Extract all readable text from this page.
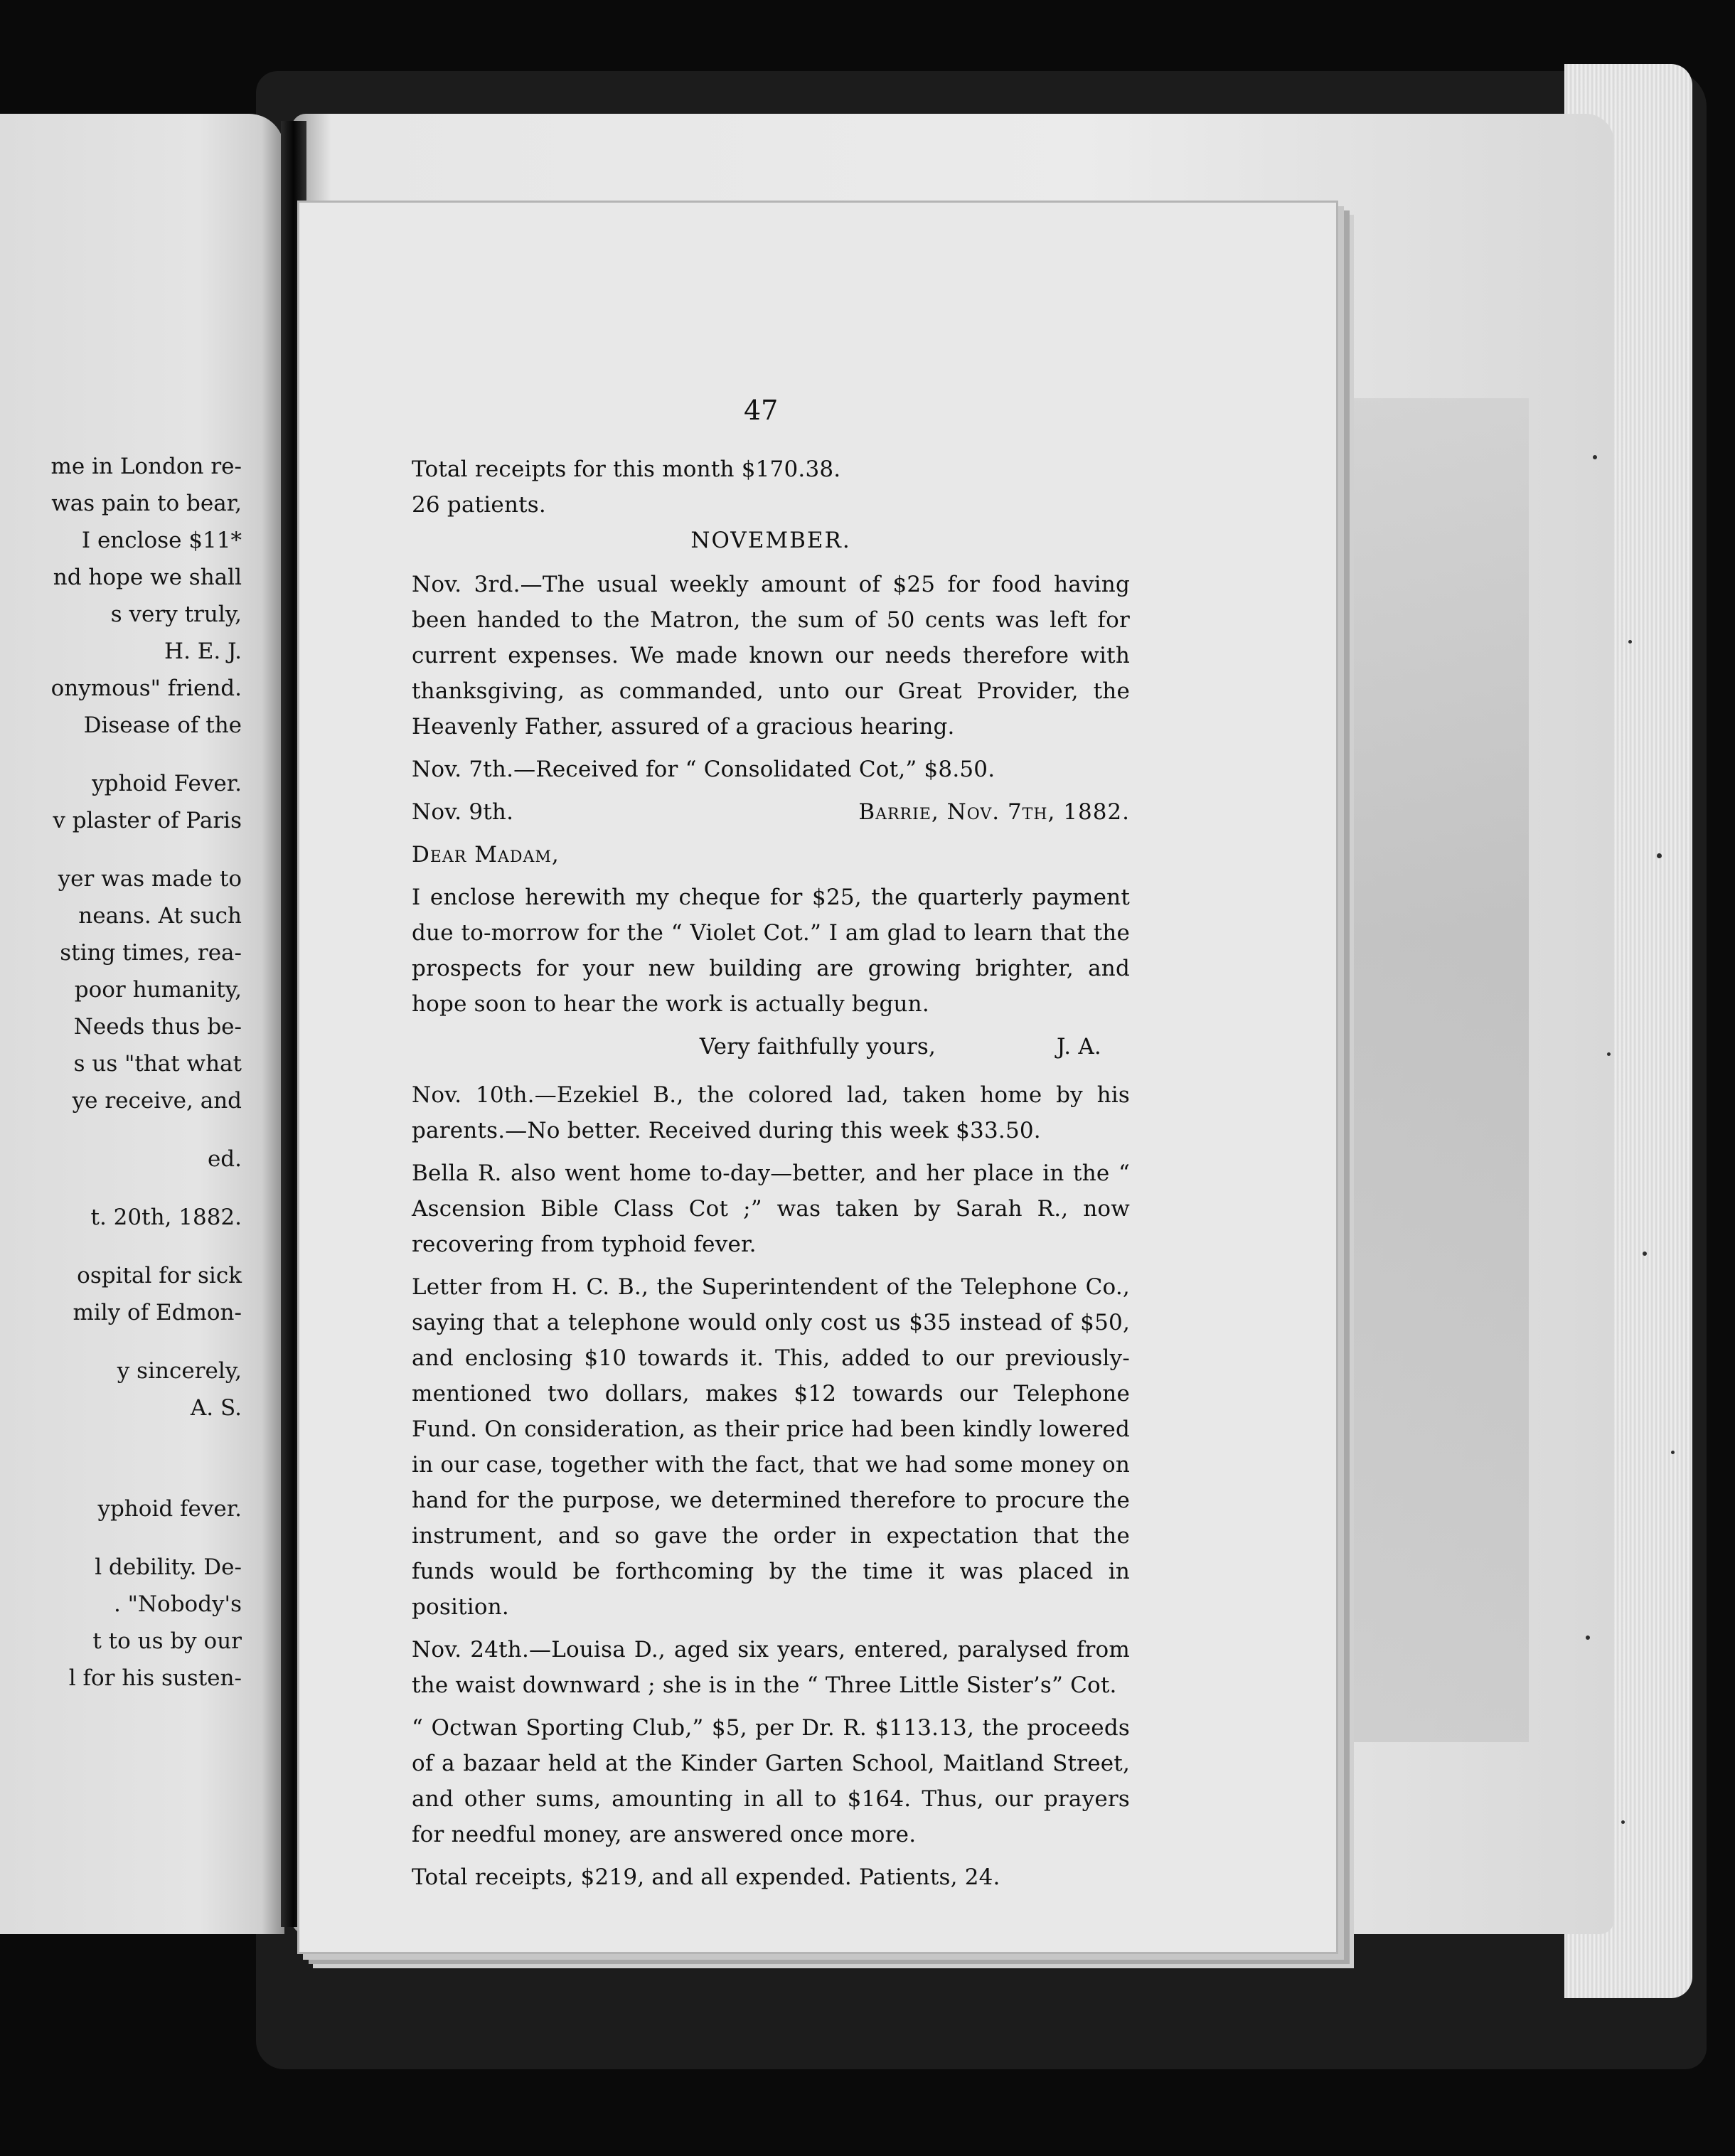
me in London re-
was pain to bear,
I enclose $11*
nd hope we shall
s very truly,
H. E. J.
onymous" friend.
Disease of the
yphoid Fever.
v plaster of Paris
yer was made to
neans. At such
sting times, rea-
poor humanity,
Needs thus be-
s us "that what
ye receive, and
ed.
t. 20th, 1882.
ospital for sick
mily of Edmon-
y sincerely,
A. S.
yphoid fever.
l debility. De-
. "Nobody's
t to us by our
l for his susten-
47

Total receipts for this month $170.38.

26 patients.

NOVEMBER.

Nov. 3rd.—The usual weekly amount of $25 for food having been handed to the Matron, the sum of 50 cents was left for current expenses. We made known our needs therefore with thanksgiving, as commanded, unto our Great Provider, the Heavenly Father, assured of a gracious hearing.

Nov. 7th.—Received for “ Consolidated Cot,” $8.50.

Nov. 9th.	Barrie, Nov. 7th, 1882.

Dear Madam,

I enclose herewith my cheque for $25, the quarterly payment due to-morrow for the “ Violet Cot.” I am glad to learn that the prospects for your new building are growing brighter, and hope soon to hear the work is actually begun.

Very faithfully yours,	J. A.

Nov. 10th.—Ezekiel B., the colored lad, taken home by his parents.—No better. Received during this week $33.50.

Bella R. also went home to-day—better, and her place in the “ Ascension Bible Class Cot ;” was taken by Sarah R., now recovering from typhoid fever.

Letter from H. C. B., the Superintendent of the Telephone Co., saying that a telephone would only cost us $35 instead of $50, and enclosing $10 towards it. This, added to our previously-mentioned two dollars, makes $12 towards our Telephone Fund. On consideration, as their price had been kindly lowered in our case, together with the fact, that we had some money on hand for the purpose, we determined therefore to procure the instrument, and so gave the order in expectation that the funds would be forthcoming by the time it was placed in position.

Nov. 24th.—Louisa D., aged six years, entered, paralysed from the waist downward ; she is in the “ Three Little Sister’s” Cot.

“ Octwan Sporting Club,” $5, per Dr. R. $113.13, the proceeds of a bazaar held at the Kinder Garten School, Maitland Street, and other sums, amounting in all to $164. Thus, our prayers for needful money, are answered once more.

Total receipts, $219, and all expended. Patients, 24.
